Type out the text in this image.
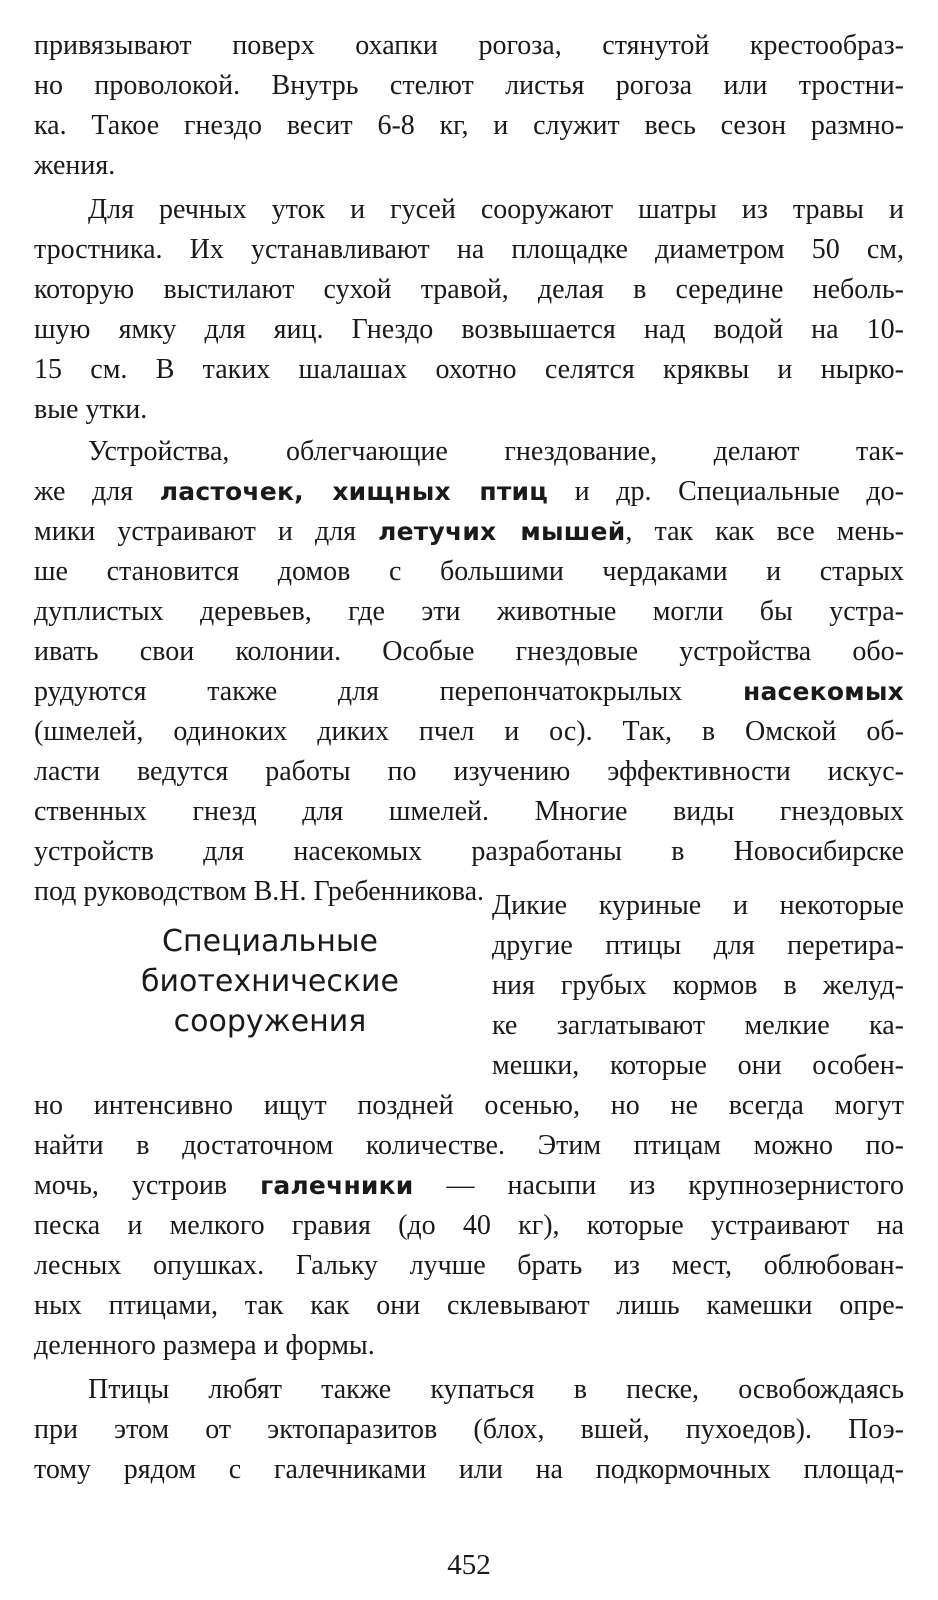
привязывают поверх охапки рогоза, стянутой крестообраз-
но проволокой. Внутрь стелют листья рогоза или тростни-
ка. Такое гнездо весит 6-8 кг, и служит весь сезон размно-
жения.
Для речных уток и гусей сооружают шатры из травы и
тростника. Их устанавливают на площадке диаметром 50 см,
которую выстилают сухой травой, делая в середине неболь-
шую ямку для яиц. Гнездо возвышается над водой на 10-
15 см. В таких шалашах охотно селятся кряквы и нырко-
вые утки.
Устройства, облегчающие гнездование, делают так-
же для ласточек, хищных птиц и др. Специальные до-
мики устраивают и для летучих мышей, так как все мень-
ше становится домов с большими чердаками и старых
дуплистых деревьев, где эти животные могли бы устра-
ивать свои колонии. Особые гнездовые устройства обо-
рудуются также для перепончатокрылых насекомых
(шмелей, одиноких диких пчел и ос). Так, в Омской об-
ласти ведутся работы по изучению эффективности искус-
ственных гнезд для шмелей. Многие виды гнездовых
устройств для насекомых разработаны в Новосибирске
под руководством В.Н. Гребенникова.
Специальные
биотехнические
сооружения
Дикие куриные и некоторые
другие птицы для перетира-
ния грубых кормов в желуд-
ке заглатывают мелкие ка-
мешки, которые они особен-
но интенсивно ищут поздней осенью, но не всегда могут
найти в достаточном количестве. Этим птицам можно по-
мочь, устроив галечники — насыпи из крупнозернистого
песка и мелкого гравия (до 40 кг), которые устраивают на
лесных опушках. Гальку лучше брать из мест, облюбован-
ных птицами, так как они склевывают лишь камешки опре-
деленного размера и формы.
Птицы любят также купаться в песке, освобождаясь
при этом от эктопаразитов (блох, вшей, пухоедов). Поэ-
тому рядом с галечниками или на подкормочных площад-
452
